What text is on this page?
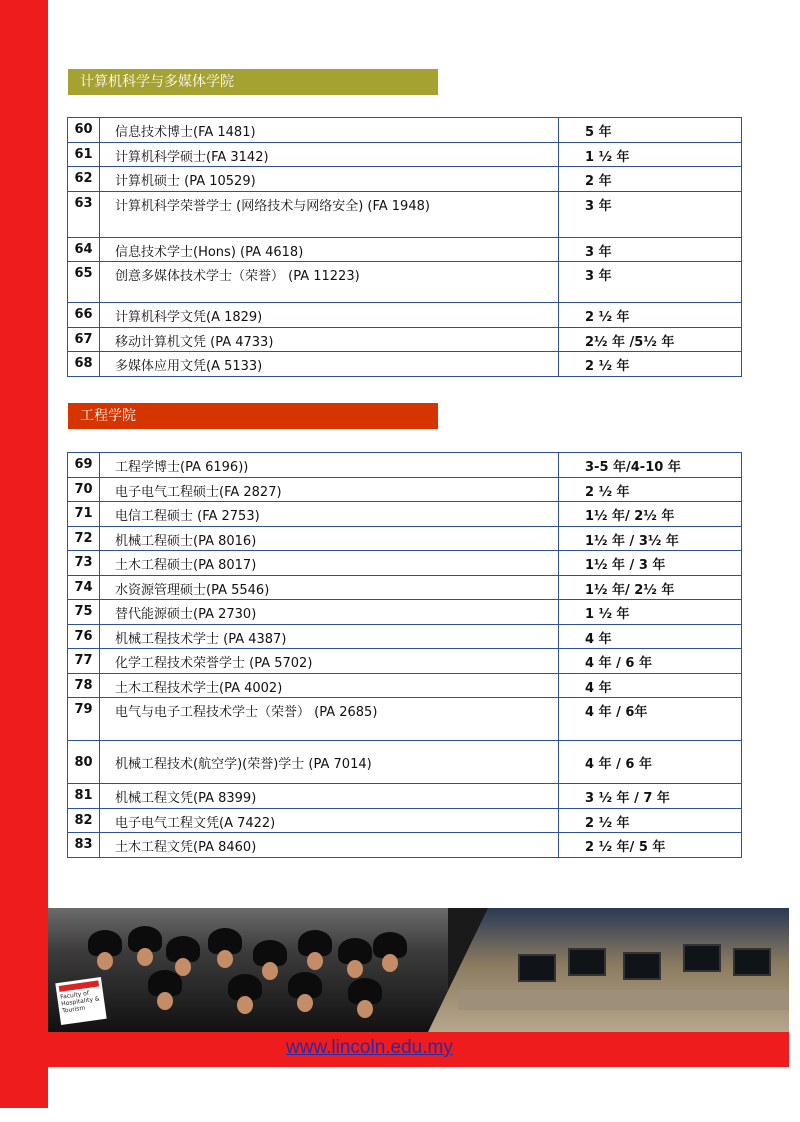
计算机科学与多媒体学院
60	信息技术博士(FA 1481)	5 年
61	计算机科学硕士(FA 3142)	1 ½ 年
62	计算机硕士 (PA 10529)	2 年
63	计算机科学荣誉学士 (网络技术与网络安全) (FA 1948)	3 年
64	信息技术学士(Hons) (PA 4618)	3 年
65	创意多媒体技术学士（荣誉） (PA 11223)	3 年
66	计算机科学文凭(A 1829)	2 ½ 年
67	移动计算机文凭 (PA 4733)	2½ 年 /5½ 年
68	多媒体应用文凭(A 5133)	2 ½ 年
工程学院
69	工程学博士(PA 6196))	3-5 年/4-10 年
70	电子电气工程硕士(FA 2827)	2 ½ 年
71	电信工程硕士 (FA 2753)	1½ 年/ 2½ 年
72	机械工程硕士(PA 8016)	1½ 年 / 3½ 年
73	土木工程硕士(PA 8017)	1½ 年 / 3 年
74	水资源管理硕士(PA 5546)	1½ 年/ 2½ 年
75	替代能源硕士(PA 2730)	1 ½ 年
76	机械工程技术学士 (PA 4387)	4 年
77	化学工程技术荣誉学士 (PA 5702)	4 年 / 6 年
78	土木工程技术学士(PA 4002)	4 年
79	电气与电子工程技术学士（荣誉） (PA 2685)	4 年 / 6年
80	机械工程技术(航空学)(荣誉)学士 (PA 7014)	4 年 / 6 年
81	机械工程文凭(PA 8399)	3 ½ 年 / 7 年
82	电子电气工程文凭(A 7422)	2 ½ 年
83	土木工程文凭(PA 8460)	2 ½ 年/ 5 年
Faculty of Hospitality & Tourism
www.lincoln.edu.my
